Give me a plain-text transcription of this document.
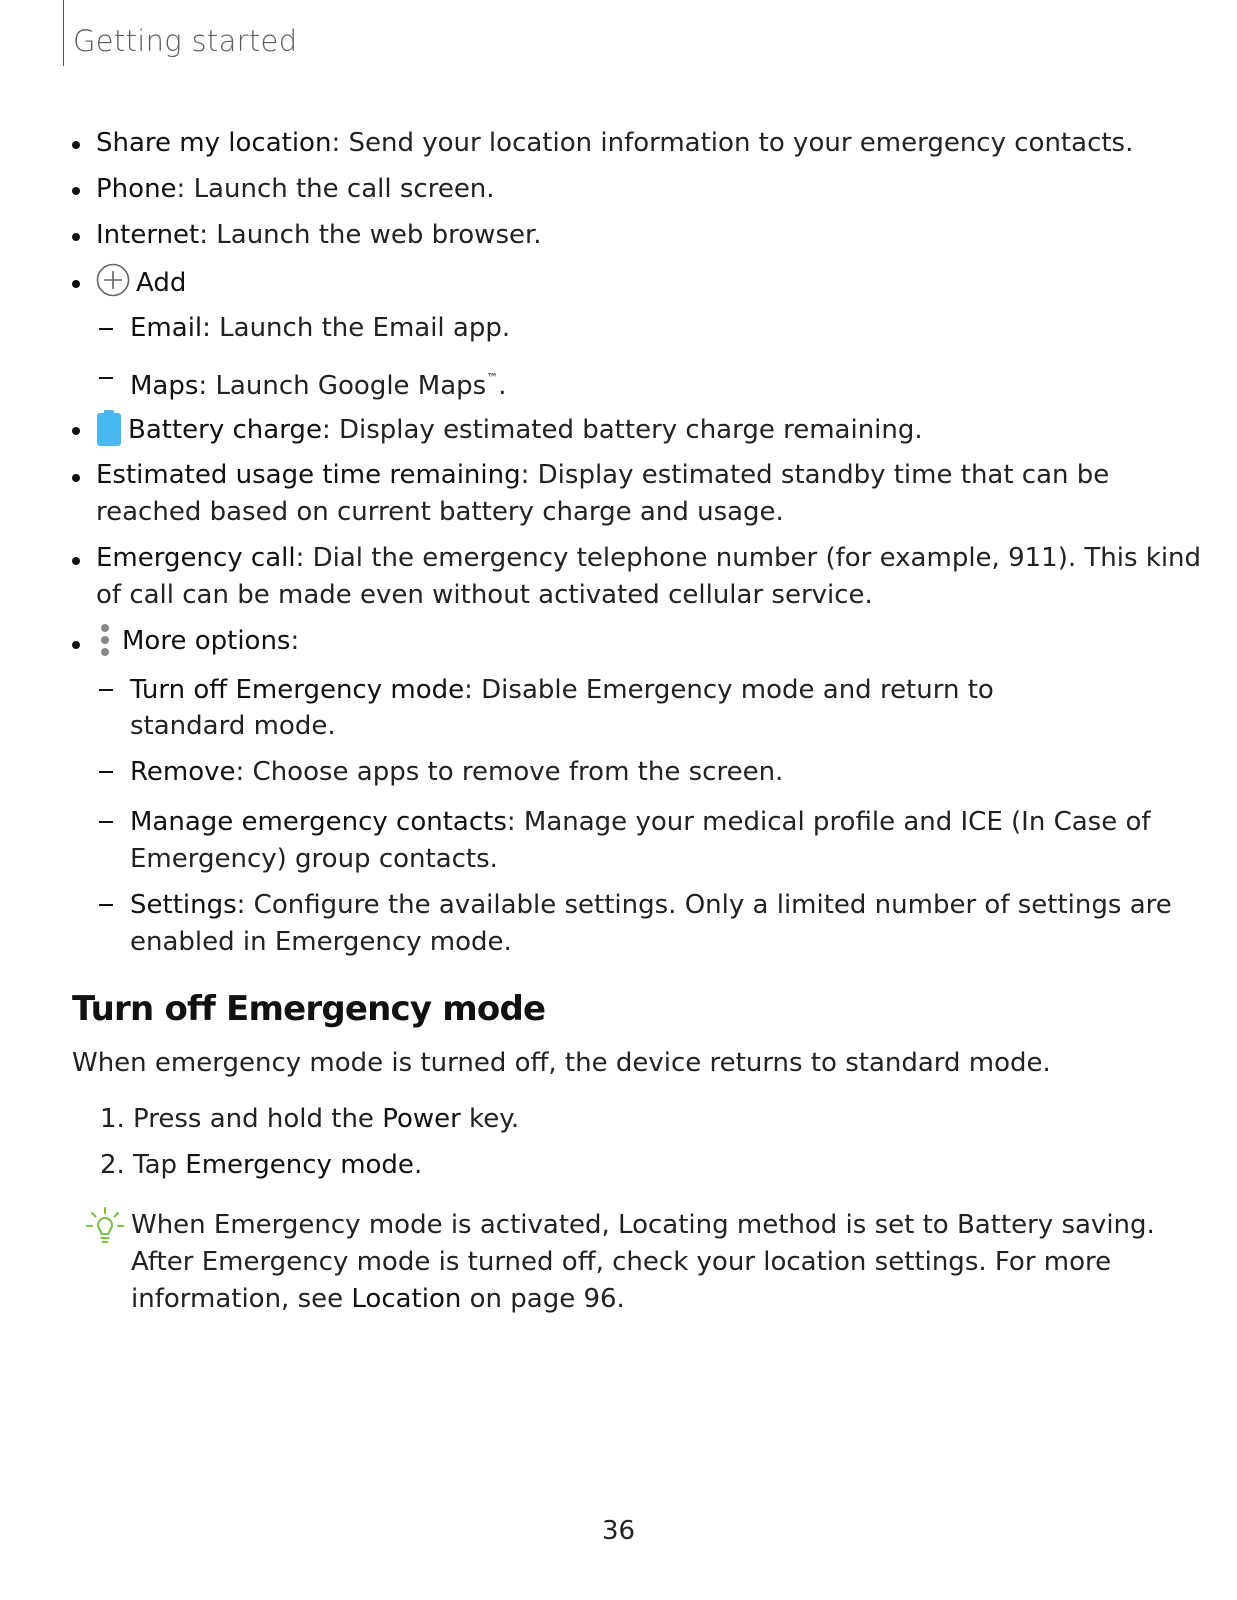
Getting started
Share my location: Send your location information to your emergency contacts.
Phone: Launch the call screen.
Internet: Launch the web browser.
Add
Email: Launch the Email app.
Maps: Launch Google Maps™.
Battery charge: Display estimated battery charge remaining.
Estimated usage time remaining: Display estimated standby time that can be
reached based on current battery charge and usage.
Emergency call: Dial the emergency telephone number (for example, 911). This kind
of call can be made even without activated cellular service.
More options:
Turn off Emergency mode: Disable Emergency mode and return to
standard mode.
Remove: Choose apps to remove from the screen.
Manage emergency contacts: Manage your medical profile and ICE (In Case of
Emergency) group contacts.
Settings: Configure the available settings. Only a limited number of settings are
enabled in Emergency mode.
Turn off Emergency mode
When emergency mode is turned off, the device returns to standard mode.
1. Press and hold the Power key.
2. Tap Emergency mode.
When Emergency mode is activated, Locating method is set to Battery saving.
After Emergency mode is turned off, check your location settings. For more
information, see Location on page 96.
36
